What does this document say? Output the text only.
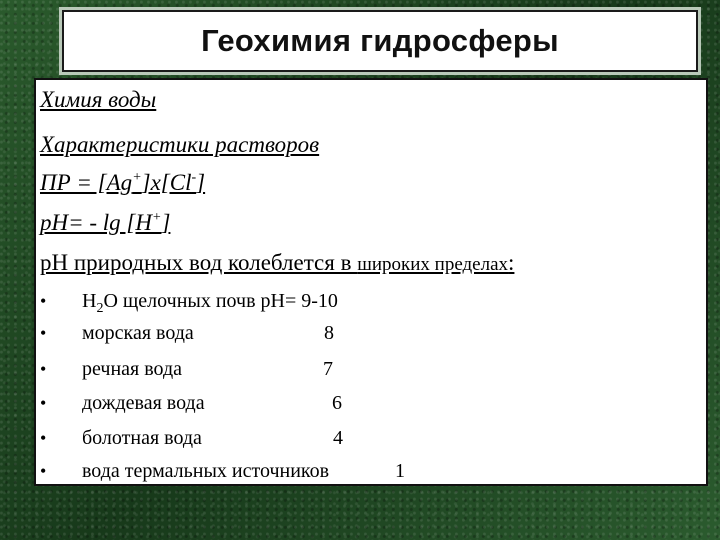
Геохимия гидросферы
Химия воды
Характеристики растворов
ПР = [Ag+]x[Cl-]
pH= - lg [H+]
pH природных вод колеблется в широких пределах:
• $H_2O$ щелочных почв pH= 9-10
• морская вода	8
• речная вода	7
• дождевая вода	6
• болотная вода	4
• вода термальных источников	1
